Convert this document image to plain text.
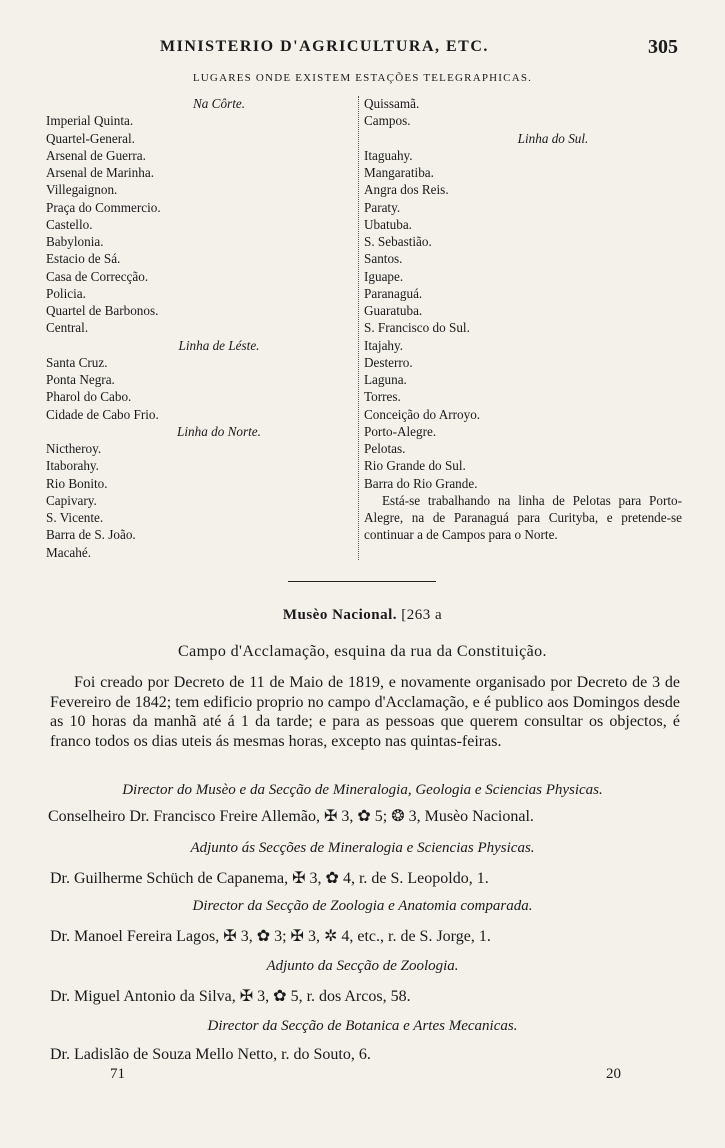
MINISTERIO D'AGRICULTURA, ETC.	305
LUGARES ONDE EXISTEM ESTAÇÕES TELEGRAPHICAS.
Na Côrte.
Imperial Quinta.
Quartel-General.
Arsenal de Guerra.
Arsenal de Marinha.
Villegaignon.
Praça do Commercio.
Castello.
Babylonia.
Estacio de Sá.
Casa de Correcção.
Policia.
Quartel de Barbonos.
Central.
Linha de Léste.
Santa Cruz.
Ponta Negra.
Pharol do Cabo.
Cidade de Cabo Frio.
Linha do Norte.
Nictheroy.
Itaborahy.
Rio Bonito.
Capivary.
S. Vicente.
Barra de S. João.
Macahé.
Quissamã.
Campos.
Linha do Sul.
Itaguahy.
Mangaratiba.
Angra dos Reis.
Paraty.
Ubatuba.
S. Sebastião.
Santos.
Iguape.
Paranaguá.
Guaratuba.
S. Francisco do Sul.
Itajahy.
Desterro.
Laguna.
Torres.
Conceição do Arroyo.
Porto-Alegre.
Pelotas.
Rio Grande do Sul.
Barra do Rio Grande.
Está-se trabalhando na linha de Pelotas para Porto-Alegre, na de Paranaguá para Curityba, e pretende-se continuar a de Campos para o Norte.
Musèo Nacional. [263 a
Campo d'Acclamação, esquina da rua da Constituição.
Foi creado por Decreto de 11 de Maio de 1819, e novamente organisado por Decreto de 3 de Fevereiro de 1842; tem edificio proprio no campo d'Acclamação, e é publico aos Domingos desde as 10 horas da manhã até á 1 da tarde; e para as pessoas que querem consultar os objectos, é franco todos os dias uteis ás mesmas horas, excepto nas quintas-feiras.
Director do Musèo e da Secção de Mineralogia, Geologia e Sciencias Physicas.
Conselheiro Dr. Francisco Freire Allemão, ✠ 3, ✿ 5; ❂ 3, Musèo Nacional.
Adjunto ás Secções de Mineralogia e Sciencias Physicas.
Dr. Guilherme Schüch de Capanema, ✠ 3, ✿ 4, r. de S. Leopoldo, 1.
Director da Secção de Zoologia e Anatomia comparada.
Dr. Manoel Fereira Lagos, ✠ 3, ✿ 3; ✠ 3, ✲ 4, etc., r. de S. Jorge, 1.
Adjunto da Secção de Zoologia.
Dr. Miguel Antonio da Silva, ✠ 3, ✿ 5, r. dos Arcos, 58.
Director da Secção de Botanica e Artes Mecanicas.
Dr. Ladislão de Souza Mello Netto, r. do Souto, 6.
71	20
